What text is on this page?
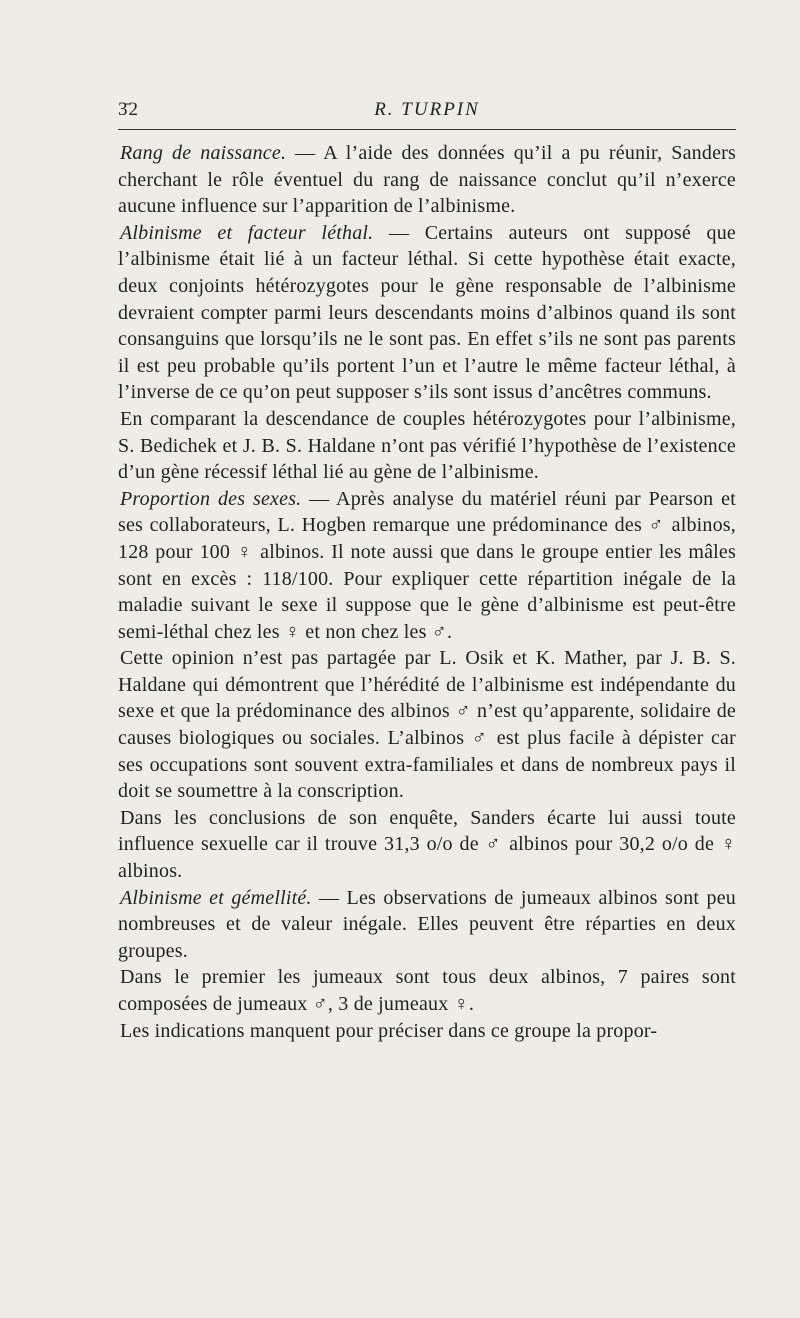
3̄2	R. TURPIN

Rang de naissance. — A l’aide des données qu’il a pu réunir, Sanders cherchant le rôle éventuel du rang de naissance conclut qu’il n’exerce aucune influence sur l’apparition de l’albinisme.

Albinisme et facteur léthal. — Certains auteurs ont supposé que l’albinisme était lié à un facteur léthal. Si cette hypothèse était exacte, deux conjoints hétérozygotes pour le gène responsable de l’albinisme devraient compter parmi leurs descendants moins d’albinos quand ils sont consanguins que lorsqu’ils ne le sont pas. En effet s’ils ne sont pas parents il est peu probable qu’ils portent l’un et l’autre le même facteur léthal, à l’inverse de ce qu’on peut supposer s’ils sont issus d’ancêtres communs.

En comparant la descendance de couples hétérozygotes pour l’albinisme, S. Bedichek et J. B. S. Haldane n’ont pas vérifié l’hypothèse de l’existence d’un gène récessif léthal lié au gène de l’albinisme.

Proportion des sexes. — Après analyse du matériel réuni par Pearson et ses collaborateurs, L. Hogben remarque une prédominance des ♂ albinos, 128 pour 100 ♀ albinos. Il note aussi que dans le groupe entier les mâles sont en excès : 118/100. Pour expliquer cette répartition inégale de la maladie suivant le sexe il suppose que le gène d’albinisme est peut-être semi-léthal chez les ♀ et non chez les ♂.

Cette opinion n’est pas partagée par L. Osik et K. Mather, par J. B. S. Haldane qui démontrent que l’hérédité de l’albinisme est indépendante du sexe et que la prédominance des albinos ♂ n’est qu’apparente, solidaire de causes biologiques ou sociales. L’albinos ♂ est plus facile à dépister car ses occupations sont souvent extra-familiales et dans de nombreux pays il doit se soumettre à la conscription.

Dans les conclusions de son enquête, Sanders écarte lui aussi toute influence sexuelle car il trouve 31,3 o/o de ♂ albinos pour 30,2 o/o de ♀ albinos.

Albinisme et gémellité. — Les observations de jumeaux albinos sont peu nombreuses et de valeur inégale. Elles peuvent être réparties en deux groupes.

Dans le premier les jumeaux sont tous deux albinos, 7 paires sont composées de jumeaux ♂, 3 de jumeaux ♀.

Les indications manquent pour préciser dans ce groupe la propor-
